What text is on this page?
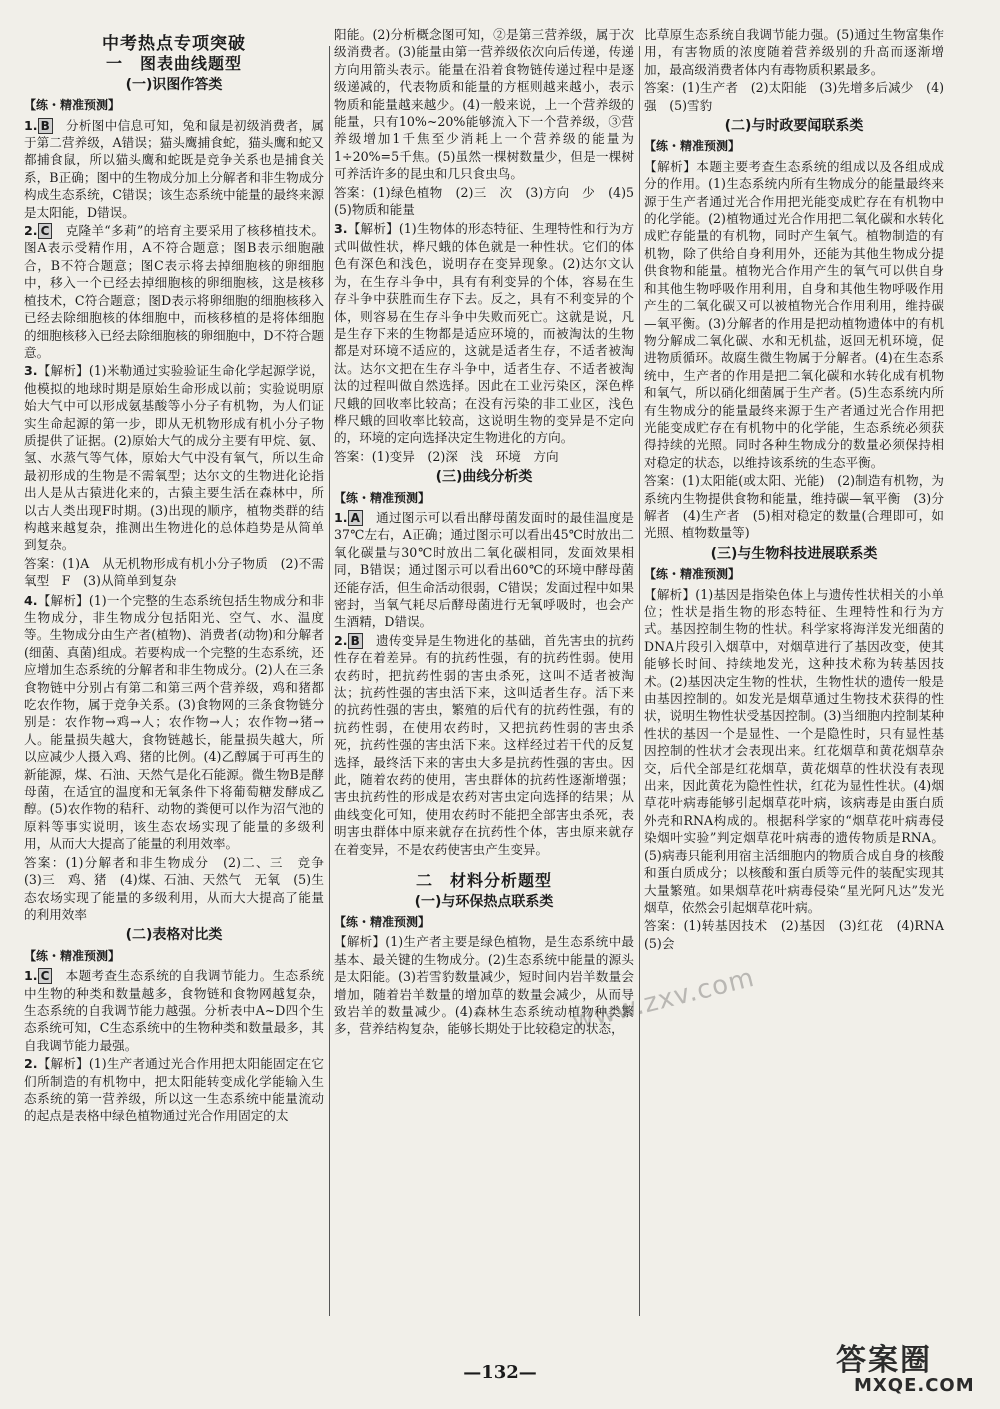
中考热点专项突破
一　图表曲线题型
(一)识图作答类
【练・精准预测】

1. B　 分析图中信息可知，兔和鼠是初级消费者，属于第二营养级，A错误；猫头鹰捕食蛇，猫头鹰和蛇又都捕食鼠，所以猫头鹰和蛇既是竞争关系也是捕食关系，B正确；图中的生物成分加上分解者和非生物成分构成生态系统，C错误；该生态系统中能量的最终来源是太阳能，D错误。

2. C　 克隆羊“多莉”的培育主要采用了核移植技术。图A表示受精作用，A不符合题意；图B表示细胞融合，B不符合题意；图C表示将去掉细胞核的卵细胞中，移入一个已经去掉细胞核的卵细胞核，这是核移植技术，C符合题意；图D表示将卵细胞的细胞核移入已经去除细胞核的体细胞中，而核移植的是将体细胞的细胞核移入已经去除细胞核的卵细胞中，D不符合题意。

3.【解析】(1)米勒通过实验验证生命化学起源学说，他模拟的地球时期是原始生命形成以前；实验说明原始大气中可以形成氨基酸等小分子有机物，为人们证实生命起源的第一步，即从无机物形成有机小分子物质提供了证据。(2)原始大气的成分主要有甲烷、氨、氢、水蒸气等气体，原始大气中没有氧气，所以生命最初形成的生物是不需氧型；达尔文的生物进化论指出人是从古猿进化来的，古猿主要生活在森林中，所以古人类出现F时期。(3)出现的顺序，植物类群的结构越来越复杂，推测出生物进化的总体趋势是从简单到复杂。

答案：(1)A　从无机物形成有机小分子物质　(2)不需氧型　F　(3)从简单到复杂

4.【解析】(1)一个完整的生态系统包括生物成分和非生物成分，非生物成分包括阳光、空气、水、温度等。生物成分由生产者(植物)、消费者(动物)和分解者(细菌、真菌)组成。若要构成一个完整的生态系统，还应增加生态系统的分解者和非生物成分。(2)人在三条食物链中分别占有第二和第三两个营养级，鸡和猪都吃农作物，属于竞争关系。(3)食物网的三条食物链分别是：农作物→鸡→人；农作物→人；农作物→猪→人。能量损失越大，食物链越长，能量损失越大，所以应减少人摄入鸡、猪的比例。(4)乙醇属于可再生的新能源，煤、石油、天然气是化石能源。微生物B是酵母菌，在适宜的温度和无氧条件下将葡萄糖发酵成乙醇。(5)农作物的秸秆、动物的粪便可以作为沼气池的原料等事实说明，该生态农场实现了能量的多级利用，从而大大提高了能量的利用效率。

答案：(1)分解者和非生物成分　(2)二、三　竞争　(3)三　鸡、猪　(4)煤、石油、天然气　无氧　(5)生态农场实现了能量的多级利用，从而大大提高了能量的利用效率

(二)表格对比类
【练・精准预测】

1. C　 本题考查生态系统的自我调节能力。生态系统中生物的种类和数量越多，食物链和食物网越复杂，生态系统的自我调节能力越强。分析表中A~D四个生态系统可知，C生态系统中的生物种类和数量最多，其自我调节能力最强。

2.【解析】(1)生产者通过光合作用把太阳能固定在它们所制造的有机物中，把太阳能转变成化学能输入生态系统的第一营养级，所以这一生态系统中能量流动的起点是表格中绿色植物通过光合作用固定的太

阳能。(2)分析概念图可知，②是第三营养级，属于次级消费者。(3)能量由第一营养级依次向后传递，传递方向用箭头表示。能量在沿着食物链传递过程中是逐级递减的，代表物质和能量的方框则越来越小，表示物质和能量越来越少。(4)一般来说，上一个营养级的能量，只有10%~20%能够流入下一个营养级，③营养级增加1千焦至少消耗上一个营养级的能量为1÷20%=5千焦。(5)虽然一棵树数量少，但是一棵树可养活许多的昆虫和几只食虫鸟。

答案：(1)绿色植物　(2)三　次　(3)方向　少　(4)5　(5)物质和能量

3.【解析】(1)生物体的形态特征、生理特性和行为方式叫做性状，桦尺蛾的体色就是一种性状。它们的体色有深色和浅色，说明存在变异现象。(2)达尔文认为，在生存斗争中，具有有利变异的个体，容易在生存斗争中获胜而生存下去。反之，具有不利变异的个体，则容易在生存斗争中失败而死亡。这就是说，凡是生存下来的生物都是适应环境的，而被淘汰的生物都是对环境不适应的，这就是适者生存，不适者被淘汰。达尔文把在生存斗争中，适者生存、不适者被淘汰的过程叫做自然选择。因此在工业污染区，深色桦尺蛾的回收率比较高；在没有污染的非工业区，浅色桦尺蛾的回收率比较高，这说明生物的变异是不定向的，环境的定向选择决定生物进化的方向。

答案：(1)变异　(2)深　浅　环境　方向

(三)曲线分析类
【练・精准预测】

1. A　 通过图示可以看出酵母菌发面时的最佳温度是37℃左右，A正确；通过图示可以看出45℃时放出二氧化碳量与30℃时放出二氧化碳相同，发面效果相同，B错误；通过图示可以看出60℃的环境中酵母菌还能存活，但生命活动很弱，C错误；发面过程中如果密封，当氧气耗尽后酵母菌进行无氧呼吸时，也会产生酒精，D错误。

2. B　 遗传变异是生物进化的基础，首先害虫的抗药性存在着差异。有的抗药性强，有的抗药性弱。使用农药时，把抗药性弱的害虫杀死，这叫不适者被淘汰；抗药性强的害虫活下来，这叫适者生存。活下来的抗药性强的害虫，繁殖的后代有的抗药性强，有的抗药性弱，在使用农药时，又把抗药性弱的害虫杀死，抗药性强的害虫活下来。这样经过若干代的反复选择，最终活下来的害虫大多是抗药性强的害虫。因此，随着农药的使用，害虫群体的抗药性逐渐增强；害虫抗药性的形成是农药对害虫定向选择的结果；从曲线变化可知，使用农药时不能把全部害虫杀死，表明害虫群体中原来就存在抗药性个体，害虫原来就存在着变异，不是农药使害虫产生变异。

二　材料分析题型
(一)与环保热点联系类
【练・精准预测】

【解析】(1)生产者主要是绿色植物，是生态系统中最基本、最关键的生物成分。(2)生态系统中能量的源头是太阳能。(3)若雪豹数量减少，短时间内岩羊数量会增加，随着岩羊数量的增加草的数量会减少，从而导致岩羊的数量减少。(4)森林生态系统动植物种类繁多，营养结构复杂，能够长期处于比较稳定的状态，

比草原生态系统自我调节能力强。(5)通过生物富集作用，有害物质的浓度随着营养级别的升高而逐渐增加，最高级消费者体内有毒物质积累最多。

答案：(1)生产者　(2)太阳能　(3)先增多后减少　(4)强　(5)雪豹

(二)与时政要闻联系类
【练・精准预测】

【解析】本题主要考查生态系统的组成以及各组成成分的作用。(1)生态系统内所有生物成分的能量最终来源于生产者通过光合作用把光能变成贮存在有机物中的化学能。(2)植物通过光合作用把二氧化碳和水转化成贮存能量的有机物，同时产生氧气。植物制造的有机物，除了供给自身利用外，还能为其他生物成分提供食物和能量。植物光合作用产生的氧气可以供自身和其他生物呼吸作用利用，自身和其他生物呼吸作用产生的二氧化碳又可以被植物光合作用利用，维持碳—氧平衡。(3)分解者的作用是把动植物遗体中的有机物分解成二氧化碳、水和无机盐，返回无机环境，促进物质循环。故腐生微生物属于分解者。(4)在生态系统中，生产者的作用是把二氧化碳和水转化成有机物和氧气，所以硝化细菌属于生产者。(5)生态系统内所有生物成分的能量最终来源于生产者通过光合作用把光能变成贮存在有机物中的化学能，生态系统必须获得持续的光照。同时各种生物成分的数量必须保持相对稳定的状态，以维持该系统的生态平衡。

答案：(1)太阳能(或太阳、光能)　(2)制造有机物，为系统内生物提供食物和能量，维持碳—氧平衡　(3)分解者　(4)生产者　(5)相对稳定的数量(合理即可，如光照、植物数量等)

(三)与生物科技进展联系类
【练・精准预测】

【解析】(1)基因是指染色体上与遗传性状相关的小单位；性状是指生物的形态特征、生理特性和行为方式。基因控制生物的性状。科学家将海洋发光细菌的DNA片段引入烟草中，对烟草进行了基因改变，使其能够长时间、持续地发光，这种技术称为转基因技术。(2)基因决定生物的性状，生物性状的遗传一般是由基因控制的。如发光是烟草通过生物技术获得的性状，说明生物性状受基因控制。(3)当细胞内控制某种性状的基因一个是显性、一个是隐性时，只有显性基因控制的性状才会表现出来。红花烟草和黄花烟草杂交，后代全部是红花烟草，黄花烟草的性状没有表现出来，因此黄花为隐性性状，红花为显性性状。(4)烟草花叶病毒能够引起烟草花叶病，该病毒是由蛋白质外壳和RNA构成的。根据科学家的“烟草花叶病毒侵染烟叶实验”判定烟草花叶病毒的遗传物质是RNA。(5)病毒只能利用宿主活细胞内的物质合成自身的核酸和蛋白质成分；以核酸和蛋白质等元件的装配实现其大量繁殖。如果烟草花叶病毒侵染“星光阿凡达”发光烟草，依然会引起烟草花叶病。

答案：(1)转基因技术　(2)基因　(3)红花　(4)RNA　(5)会

www.zxv.com
—132—	答案圈
MXQE.COM
